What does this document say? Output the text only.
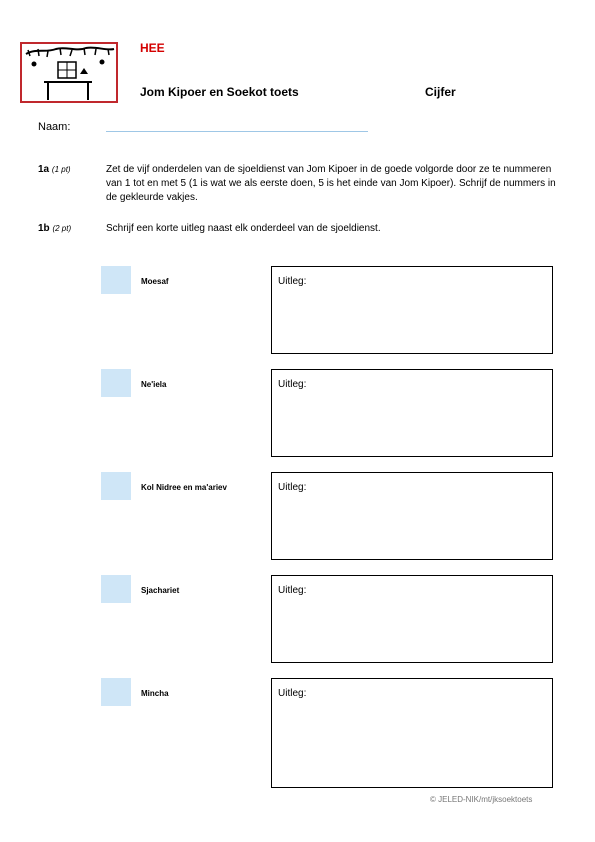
HEE
Jom Kipoer en Soekot toets	Cijfer
Naam:
1a (1 pt)	Zet de vijf onderdelen van de sjoeldienst van Jom Kipoer in de goede volgorde door ze te nummeren van 1 tot en met 5 (1 is wat we als eerste doen, 5 is het einde van Jom Kipoer). Schrijf de nummers in de gekleurde vakjes.
1b (2 pt)	Schrijf een korte uitleg naast elk onderdeel van de sjoeldienst.
Moesaf	Uitleg:
Ne'ielа	Uitleg:
Kol Nidree en ma'ariev	Uitleg:
Sjachariet	Uitleg:
Mincha	Uitleg:
© JELED-NIK/mt/jksoektoets
